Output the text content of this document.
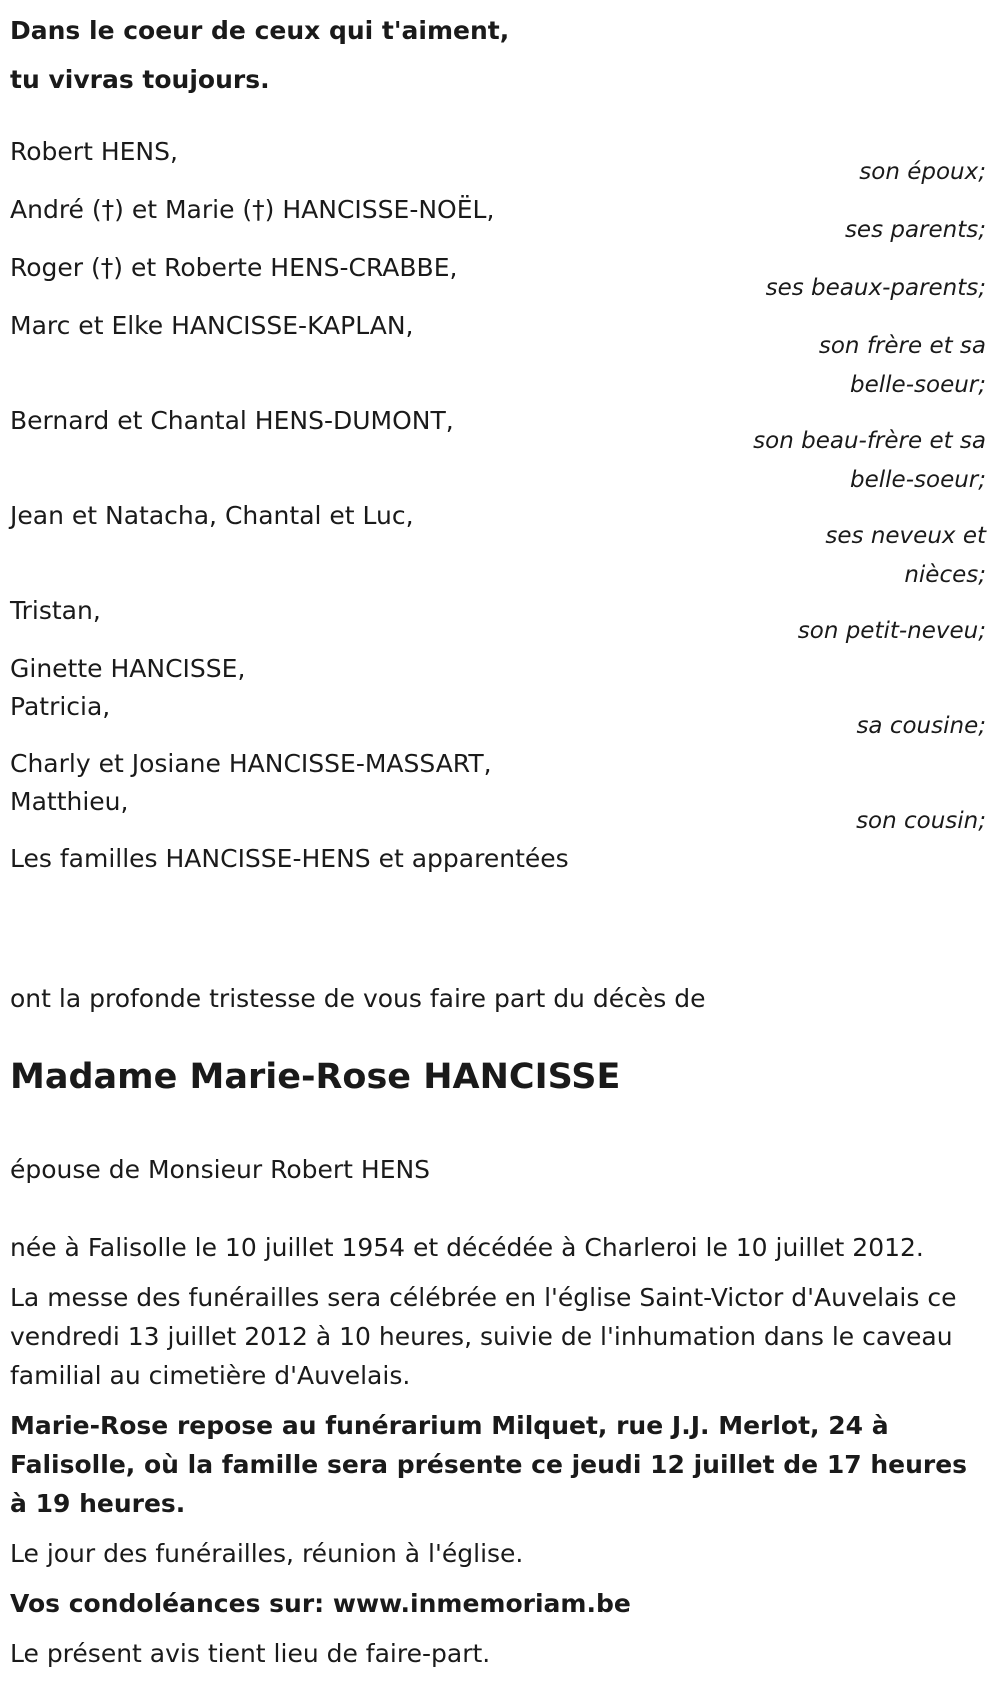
Dans le coeur de ceux qui t'aiment,
tu vivras toujours.
Robert HENS,
son époux;
André (†) et Marie (†) HANCISSE-NOËL,
ses parents;
Roger (†) et Roberte HENS-CRABBE,
ses beaux-parents;
Marc et Elke HANCISSE-KAPLAN,
son frère et sa belle-soeur;
Bernard et Chantal HENS-DUMONT,
son beau-frère et sa belle-soeur;
Jean et Natacha, Chantal et Luc,
ses neveux et nièces;
Tristan,
son petit-neveu;
Ginette HANCISSE,
Patricia,
sa cousine;
Charly et Josiane HANCISSE-MASSART,
Matthieu,
son cousin;
Les familles HANCISSE-HENS et apparentées
ont la profonde tristesse de vous faire part du décès de
Madame Marie-Rose HANCISSE
épouse de Monsieur Robert HENS

née à Falisolle le 10 juillet 1954 et décédée à Charleroi le 10 juillet 2012.

La messe des funérailles sera célébrée en l'église Saint-Victor d'Auvelais ce vendredi 13 juillet 2012 à 10 heures, suivie de l'inhumation dans le caveau familial au cimetière d'Auvelais.

Marie-Rose repose au funérarium Milquet, rue J.J. Merlot, 24 à Falisolle, où la famille sera présente ce jeudi 12 juillet de 17 heures à 19 heures.

Le jour des funérailles, réunion à l'église.

Vos condoléances sur: www.inmemoriam.be

Le présent avis tient lieu de faire-part.
